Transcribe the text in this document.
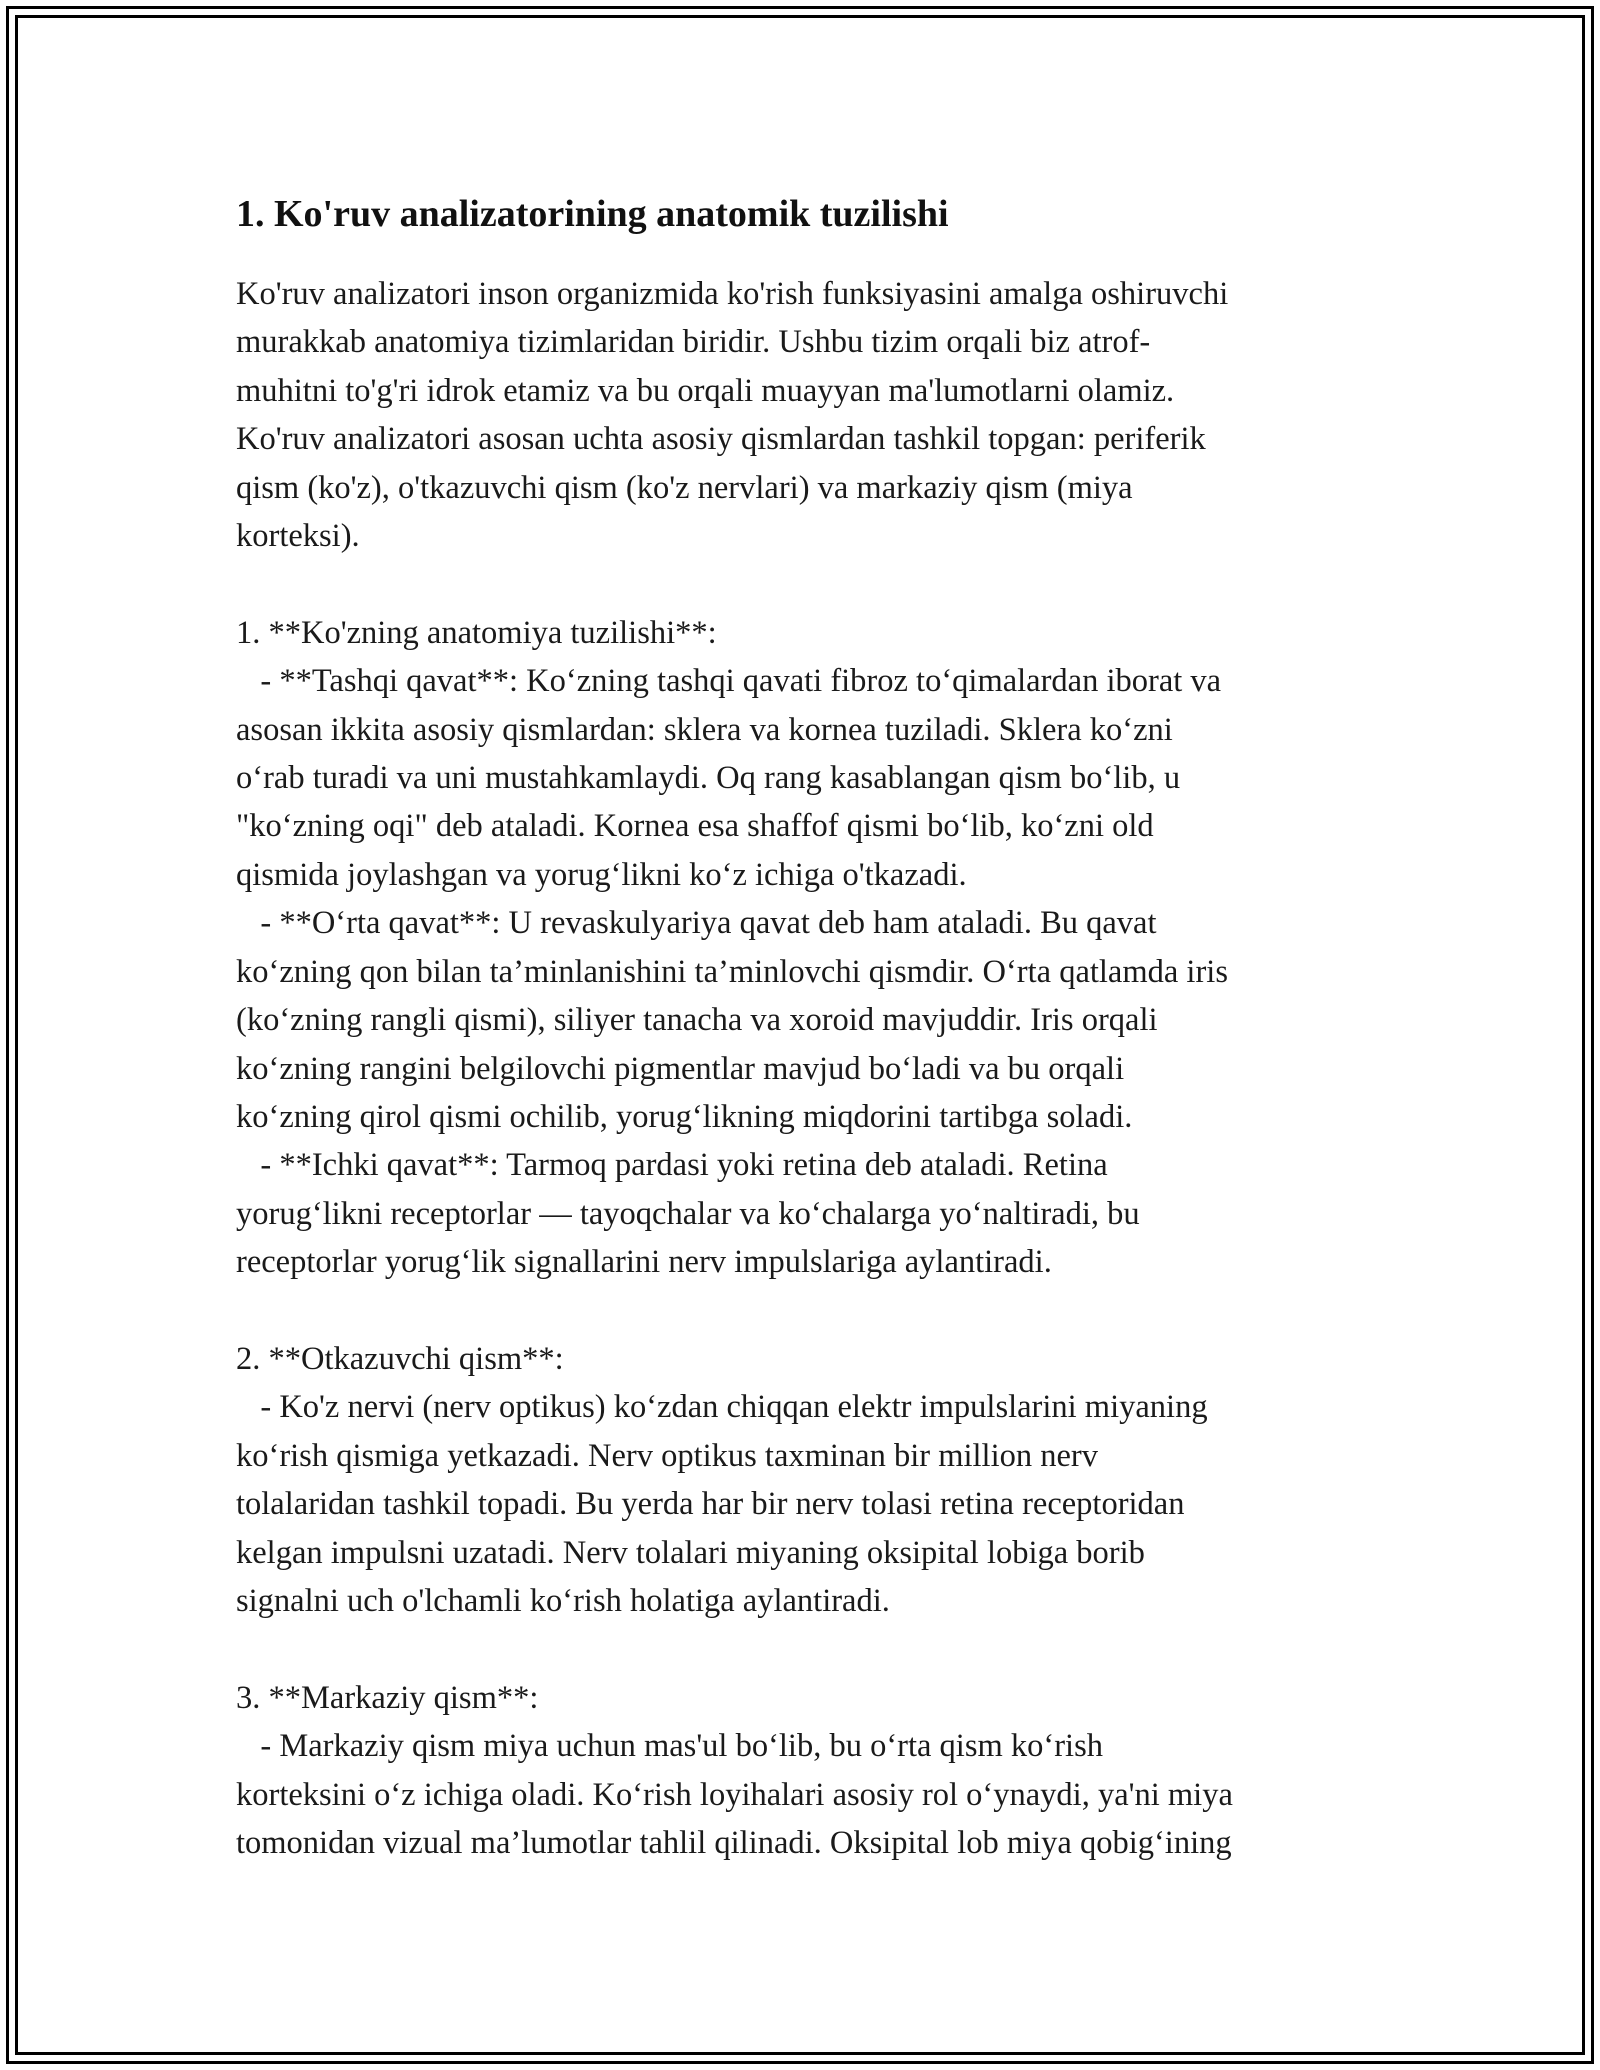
1. Ko'ruv analizatorining anatomik tuzilishi

Ko'ruv analizatori inson organizmida ko'rish funksiyasini amalga oshiruvchi
murakkab anatomiya tizimlaridan biridir. Ushbu tizim orqali biz atrof-
muhitni to'g'ri idrok etamiz va bu orqali muayyan ma'lumotlarni olamiz.
Ko'ruv analizatori asosan uchta asosiy qismlardan tashkil topgan: periferik
qism (ko'z), o'tkazuvchi qism (ko'z nervlari) va markaziy qism (miya
korteksi).

1. **Ko'zning anatomiya tuzilishi**:
- **Tashqi qavat**: Ko‘zning tashqi qavati fibroz to‘qimalardan iborat va
asosan ikkita asosiy qismlardan: sklera va kornea tuziladi. Sklera ko‘zni
o‘rab turadi va uni mustahkamlaydi. Oq rang kasablangan qism bo‘lib, u
"ko‘zning oqi" deb ataladi. Kornea esa shaffof qismi bo‘lib, ko‘zni old
qismida joylashgan va yorug‘likni ko‘z ichiga o'tkazadi.
- **O‘rta qavat**: U revaskulyariya qavat deb ham ataladi. Bu qavat
ko‘zning qon bilan ta’minlanishini ta’minlovchi qismdir. O‘rta qatlamda iris
(ko‘zning rangli qismi), siliyer tanacha va xoroid mavjuddir. Iris orqali
ko‘zning rangini belgilovchi pigmentlar mavjud bo‘ladi va bu orqali
ko‘zning qirol qismi ochilib, yorug‘likning miqdorini tartibga soladi.
- **Ichki qavat**: Tarmoq pardasi yoki retina deb ataladi. Retina
yorug‘likni receptorlar — tayoqchalar va ko‘chalarga yo‘naltiradi, bu
receptorlar yorug‘lik signallarini nerv impulslariga aylantiradi.

2. **Otkazuvchi qism**:
- Ko'z nervi (nerv optikus) ko‘zdan chiqqan elektr impulslarini miyaning
ko‘rish qismiga yetkazadi. Nerv optikus taxminan bir million nerv
tolalaridan tashkil topadi. Bu yerda har bir nerv tolasi retina receptoridan
kelgan impulsni uzatadi. Nerv tolalari miyaning oksipital lobiga borib
signalni uch o'lchamli ko‘rish holatiga aylantiradi.

3. **Markaziy qism**:
- Markaziy qism miya uchun mas'ul bo‘lib, bu o‘rta qism ko‘rish
korteksini o‘z ichiga oladi. Ko‘rish loyihalari asosiy rol o‘ynaydi, ya'ni miya
tomonidan vizual ma’lumotlar tahlil qilinadi. Oksipital lob miya qobig‘ining
